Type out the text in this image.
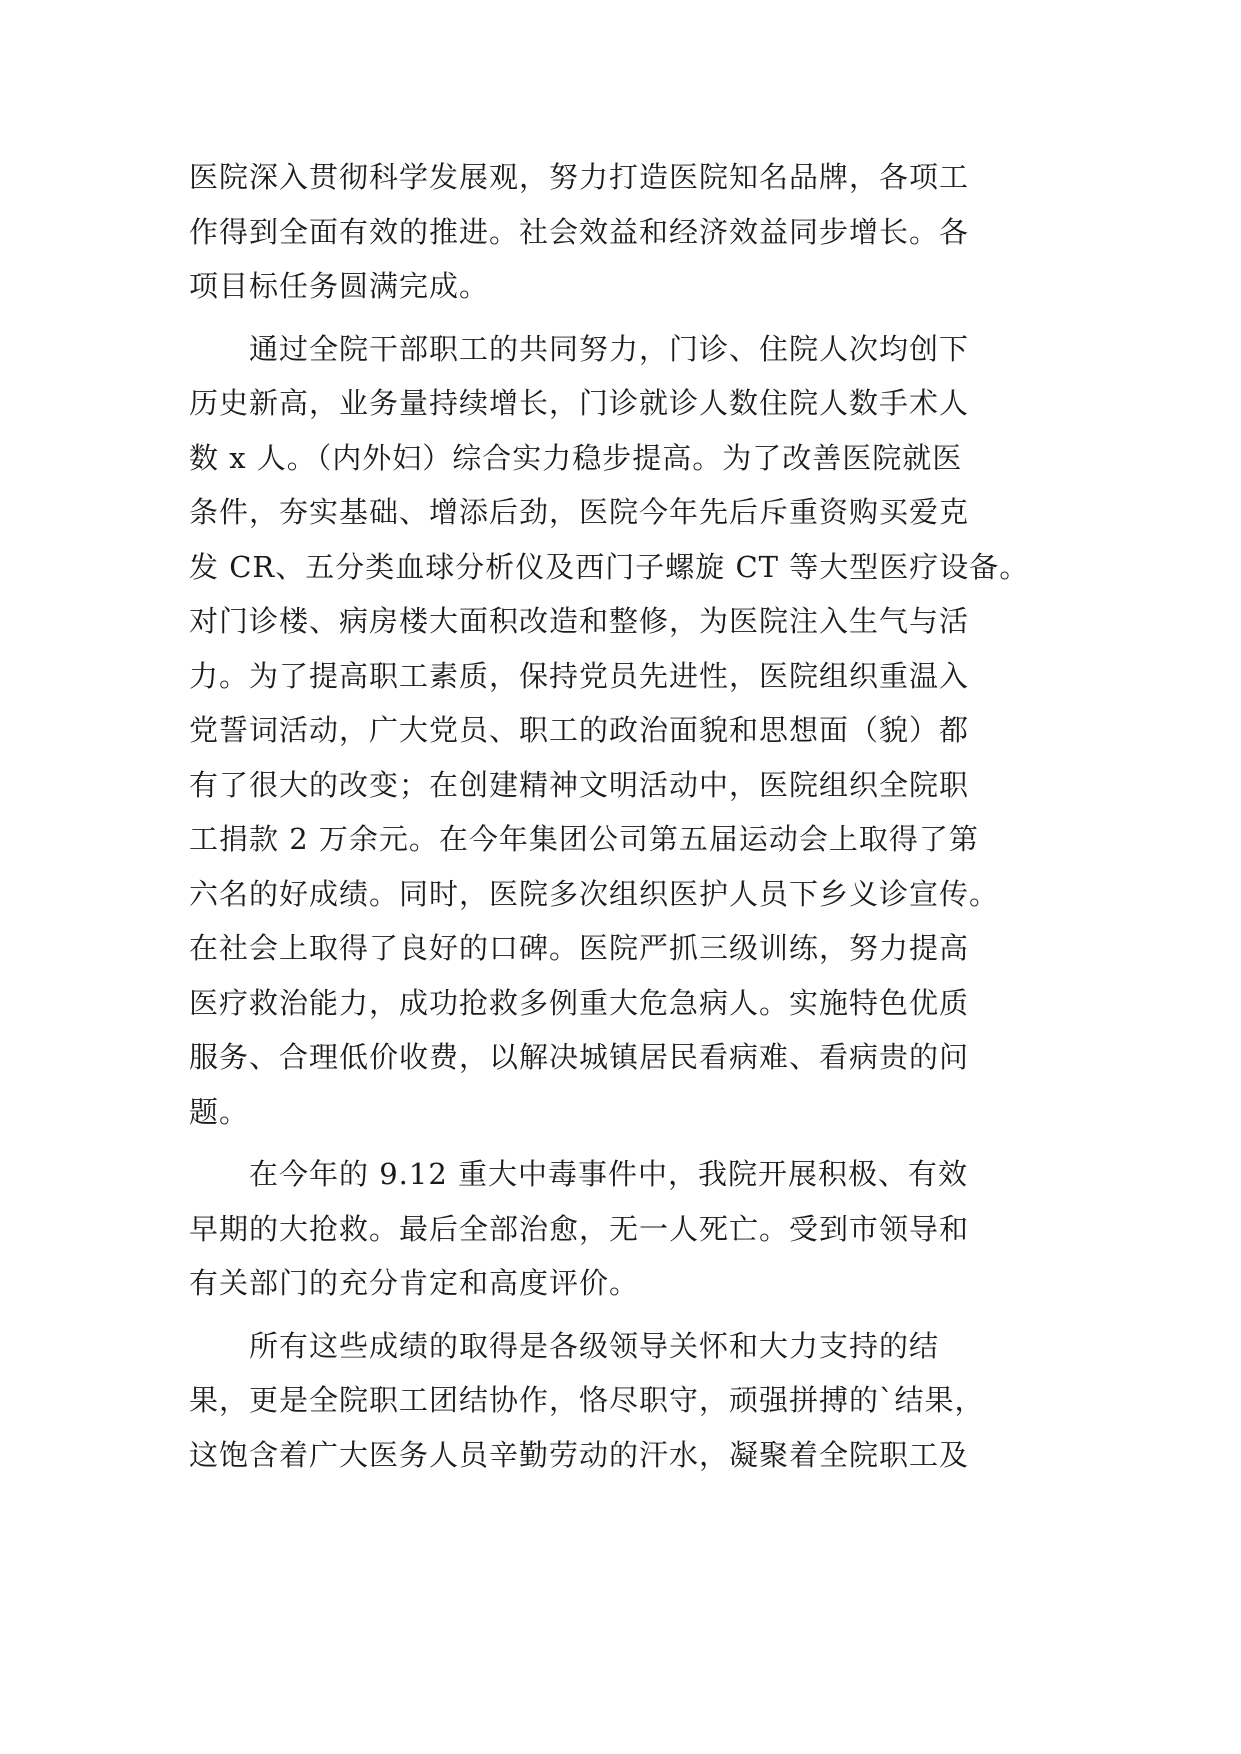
医院深入贯彻科学发展观，努力打造医院知名品牌，各项工
作得到全面有效的推进。社会效益和经济效益同步增长。各
项目标任务圆满完成。
　　通过全院干部职工的共同努力，门诊、住院人次均创下
历史新高，业务量持续增长，门诊就诊人数住院人数手术人
数 x 人。（内外妇）综合实力稳步提高。为了改善医院就医
条件，夯实基础、增添后劲，医院今年先后斥重资购买爱克
发 CR、五分类血球分析仪及西门子螺旋 CT 等大型医疗设备。
对门诊楼、病房楼大面积改造和整修，为医院注入生气与活
力。为了提高职工素质，保持党员先进性，医院组织重温入
党誓词活动，广大党员、职工的政治面貌和思想面（貌）都
有了很大的改变；在创建精神文明活动中，医院组织全院职
工捐款 2 万余元。在今年集团公司第五届运动会上取得了第
六名的好成绩。同时，医院多次组织医护人员下乡义诊宣传。
在社会上取得了良好的口碑。医院严抓三级训练，努力提高
医疗救治能力，成功抢救多例重大危急病人。实施特色优质
服务、合理低价收费，以解决城镇居民看病难、看病贵的问
题。
　　在今年的 9.12 重大中毒事件中，我院开展积极、有效
早期的大抢救。最后全部治愈，无一人死亡。受到市领导和
有关部门的充分肯定和高度评价。
　　所有这些成绩的取得是各级领导关怀和大力支持的结
果，更是全院职工团结协作，恪尽职守，顽强拼搏的`结果，
这饱含着广大医务人员辛勤劳动的汗水，凝聚着全院职工及
